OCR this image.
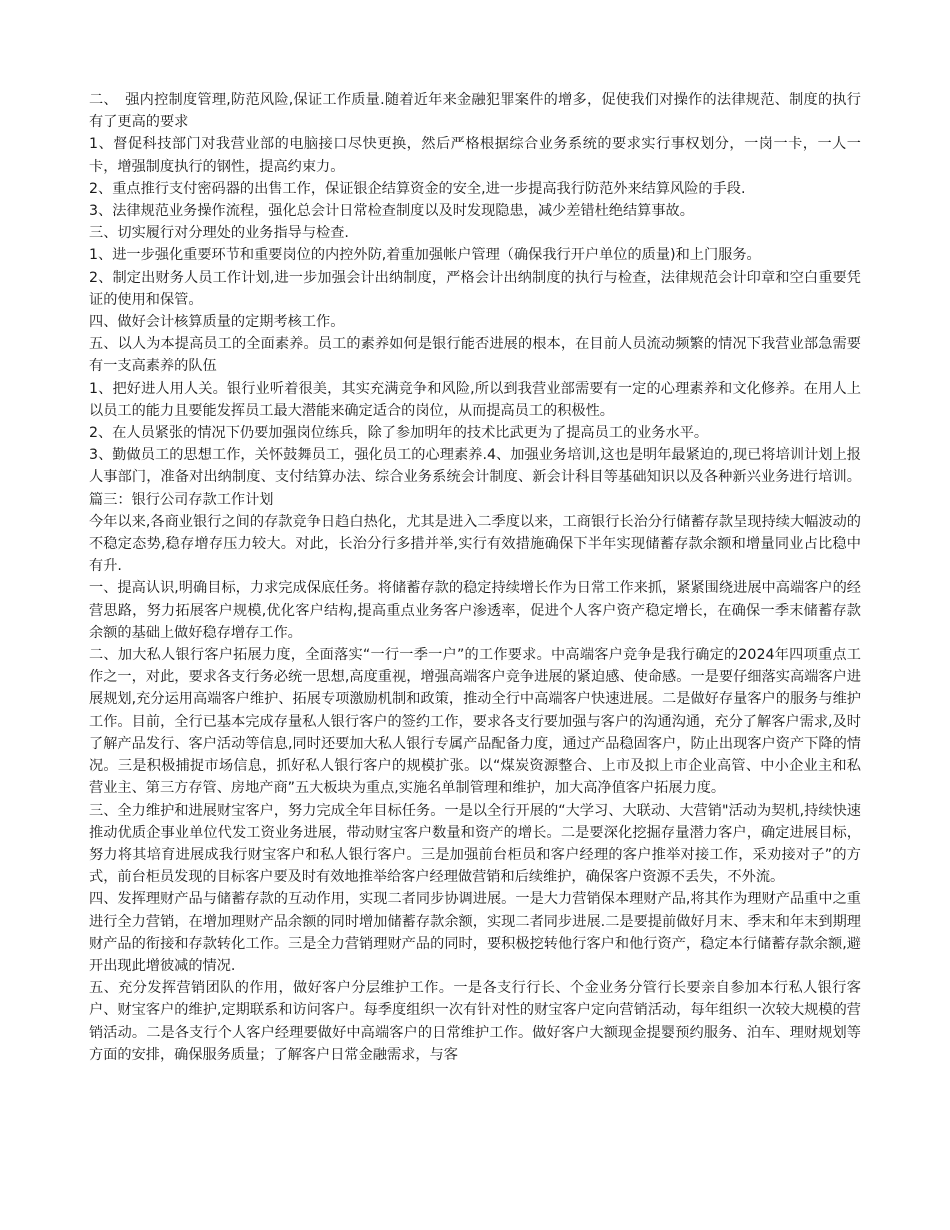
二、　强内控制度管理,防范风险,保证工作质量.随着近年来金融犯罪案件的增多，促使我们对操作的法律规范、制度的执行有了更高的要求

1、督促科技部门对我营业部的电脑接口尽快更换，然后严格根据综合业务系统的要求实行事权划分，一岗一卡，一人一卡，增强制度执行的钢性，提高约束力。

2、重点推行支付密码器的出售工作，保证银企结算资金的安全,进一步提高我行防范外来结算风险的手段.

3、法律规范业务操作流程，强化总会计日常检查制度以及时发现隐患，减少差错杜绝结算事故。

三、切实履行对分理处的业务指导与检查.

1、进一步强化重要环节和重要岗位的内控外防,着重加强帐户管理（确保我行开户单位的质量)和上门服务。

2、制定出财务人员工作计划,进一步加强会计出纳制度，严格会计出纳制度的执行与检查，法律规范会计印章和空白重要凭证的使用和保管。

四、做好会计核算质量的定期考核工作。

五、以人为本提高员工的全面素养。员工的素养如何是银行能否进展的根本，在目前人员流动频繁的情况下我营业部急需要有一支高素养的队伍

1、把好进人用人关。银行业听着很美，其实充满竞争和风险,所以到我营业部需要有一定的心理素养和文化修养。在用人上以员工的能力且要能发挥员工最大潜能来确定适合的岗位，从而提高员工的积极性。

2、在人员紧张的情况下仍要加强岗位练兵，除了参加明年的技术比武更为了提高员工的业务水平。

3、勤做员工的思想工作，关怀鼓舞员工，强化员工的心理素养.4、加强业务培训,这也是明年最紧迫的,现已将培训计划上报人事部门，准备对出纳制度、支付结算办法、综合业务系统会计制度、新会计科目等基础知识以及各种新兴业务进行培训。篇三：银行公司存款工作计划

今年以来,各商业银行之间的存款竞争日趋白热化，尤其是进入二季度以来，工商银行长治分行储蓄存款呈现持续大幅波动的不稳定态势,稳存增存压力较大。对此，长治分行多措并举,实行有效措施确保下半年实现储蓄存款余额和增量同业占比稳中有升.

一、提高认识,明确目标，力求完成保底任务。将储蓄存款的稳定持续增长作为日常工作来抓，紧紧围绕进展中高端客户的经营思路，努力拓展客户规模,优化客户结构,提高重点业务客户渗透率，促进个人客户资产稳定增长，在确保一季末储蓄存款余额的基础上做好稳存增存工作。

二、加大私人银行客户拓展力度，全面落实“一行一季一户”的工作要求。中高端客户竞争是我行确定的2024年四项重点工作之一，对此，要求各支行务必统一思想,高度重视，增强高端客户竞争进展的紧迫感、使命感。一是要仔细落实高端客户进展规划,充分运用高端客户维护、拓展专项激励机制和政策，推动全行中高端客户快速进展。二是做好存量客户的服务与维护工作。目前，全行已基本完成存量私人银行客户的签约工作，要求各支行要加强与客户的沟通沟通，充分了解客户需求,及时了解产品发行、客户活动等信息,同时还要加大私人银行专属产品配备力度，通过产品稳固客户，防止出现客户资产下降的情况。三是积极捕捉市场信息，抓好私人银行客户的规模扩张。以“煤炭资源整合、上市及拟上市企业高管、中小企业主和私营业主、第三方存管、房地产商”五大板块为重点,实施名单制管理和维护，加大高净值客户拓展力度。

三、全力维护和进展财宝客户，努力完成全年目标任务。一是以全行开展的“大学习、大联动、大营销"活动为契机,持续快速推动优质企事业单位代发工资业务进展，带动财宝客户数量和资产的增长。二是要深化挖掘存量潜力客户，确定进展目标，努力将其培育进展成我行财宝客户和私人银行客户。三是加强前台柜员和客户经理的客户推举对接工作，采劝接对子”的方式，前台柜员发现的目标客户要及时有效地推举给客户经理做营销和后续维护，确保客户资源不丢失，不外流。

四、发挥理财产品与储蓄存款的互动作用，实现二者同步协调进展。一是大力营销保本理财产品,将其作为理财产品重中之重进行全力营销，在增加理财产品余额的同时增加储蓄存款余额，实现二者同步进展.二是要提前做好月末、季末和年末到期理财产品的衔接和存款转化工作。三是全力营销理财产品的同时，要积极挖转他行客户和他行资产，稳定本行储蓄存款余额,避开出现此增彼减的情况.

五、充分发挥营销团队的作用，做好客户分层维护工作。一是各支行行长、个金业务分管行长要亲自参加本行私人银行客户、财宝客户的维护,定期联系和访问客户。每季度组织一次有针对性的财宝客户定向营销活动，每年组织一次较大规模的营销活动。二是各支行个人客户经理要做好中高端客户的日常维护工作。做好客户大额现金提婴预约服务、泊车、理财规划等方面的安排，确保服务质量；了解客户日常金融需求，与客
